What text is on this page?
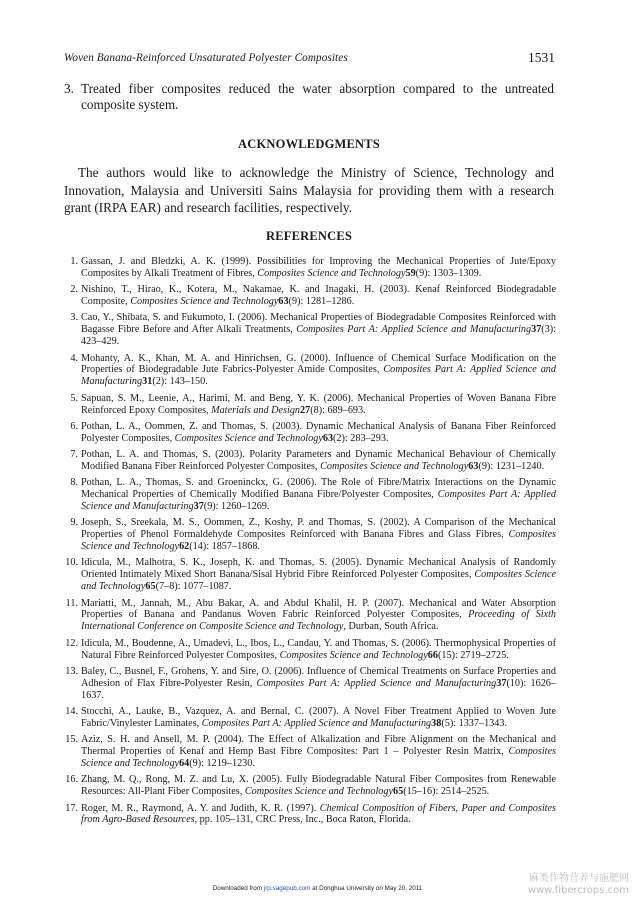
Woven Banana-Reinforced Unsaturated Polyester Composites	1531
3. Treated fiber composites reduced the water absorption compared to the untreated composite system.
ACKNOWLEDGMENTS
The authors would like to acknowledge the Ministry of Science, Technology and Innovation, Malaysia and Universiti Sains Malaysia for providing them with a research grant (IRPA EAR) and research facilities, respectively.
REFERENCES
1. Gassan, J. and Bledzki, A. K. (1999). Possibilities for Improving the Mechanical Properties of Jute/Epoxy Composites by Alkali Treatment of Fibres, Composites Science and Technology59(9): 1303–1309.
2. Nishino, T., Hirao, K., Kotera, M., Nakamae, K. and Inagaki, H. (2003). Kenaf Reinforced Biodegradable Composite, Composites Science and Technology63(9): 1281–1286.
3. Cao, Y., Shibata, S. and Fukumoto, I. (2006). Mechanical Properties of Biodegradable Composites Reinforced with Bagasse Fibre Before and After Alkali Treatments, Composites Part A: Applied Science and Manufacturing37(3): 423–429.
4. Mohanty, A. K., Khan, M. A. and Hinrichsen, G. (2000). Influence of Chemical Surface Modification on the Properties of Biodegradable Jute Fabrics-Polyester Amide Composites, Composites Part A: Applied Science and Manufacturing31(2): 143–150.
5. Sapuan, S. M., Leenie, A., Harimi, M. and Beng, Y. K. (2006). Mechanical Properties of Woven Banana Fibre Reinforced Epoxy Composites, Materials and Design27(8): 689–693.
6. Pothan, L. A., Oommen, Z. and Thomas, S. (2003). Dynamic Mechanical Analysis of Banana Fiber Reinforced Polyester Composites, Composites Science and Technology63(2): 283–293.
7. Pothan, L. A. and Thomas, S. (2003). Polarity Parameters and Dynamic Mechanical Behaviour of Chemically Modified Banana Fiber Reinforced Polyester Composites, Composites Science and Technology63(9): 1231–1240.
8. Pothan, L. A., Thomas, S. and Groeninckx, G. (2006). The Role of Fibre/Matrix Interactions on the Dynamic Mechanical Properties of Chemically Modified Banana Fibre/Polyester Composites, Composites Part A: Applied Science and Manufacturing37(9): 1260–1269.
9. Joseph, S., Sreekala, M. S., Oommen, Z., Koshy, P. and Thomas, S. (2002). A Comparison of the Mechanical Properties of Phenol Formaldehyde Composites Reinforced with Banana Fibres and Glass Fibres, Composites Science and Technology62(14): 1857–1868.
10. Idicula, M., Malhotra, S. K., Joseph, K. and Thomas, S. (2005). Dynamic Mechanical Analysis of Randomly Oriented Intimately Mixed Short Banana/Sisal Hybrid Fibre Reinforced Polyester Composites, Composites Science and Technology65(7–8): 1077–1087.
11. Mariatti, M., Jannah, M., Abu Bakar, A. and Abdul Khalil, H. P. (2007). Mechanical and Water Absorption Properties of Banana and Pandanus Woven Fabric Reinforced Polyester Composites, Proceeding of Sixth International Conference on Composite Science and Technology, Durban, South Africa.
12. Idicula, M., Boudenne, A., Umadevi, L., Ibos, L., Candau, Y. and Thomas, S. (2006). Thermophysical Properties of Natural Fibre Reinforced Polyester Composites, Composites Science and Technology66(15): 2719–2725.
13. Baley, C., Busnel, F., Grohens, Y. and Sire, O. (2006). Influence of Chemical Treatments on Surface Properties and Adhesion of Flax Fibre-Polyester Resin, Composites Part A: Applied Science and Manufacturing37(10): 1626–1637.
14. Stocchi, A., Lauke, B., Vazquez, A. and Bernal, C. (2007). A Novel Fiber Treatment Applied to Woven Jute Fabric/Vinylester Laminates, Composites Part A: Applied Science and Manufacturing38(5): 1337–1343.
15. Aziz, S. H. and Ansell, M. P. (2004). The Effect of Alkalization and Fibre Alignment on the Mechanical and Thermal Properties of Kenaf and Hemp Bast Fibre Composites: Part 1 – Polyester Resin Matrix, Composites Science and Technology64(9): 1219–1230.
16. Zhang, M. Q., Rong, M. Z. and Lu, X. (2005). Fully Biodegradable Natural Fiber Composites from Renewable Resources: All-Plant Fiber Composites, Composites Science and Technology65(15–16): 2514–2525.
17. Roger, M. R., Raymond, A. Y. and Judith, K. R. (1997). Chemical Composition of Fibers, Paper and Composites from Agro-Based Resources, pp. 105–131, CRC Press, Inc., Boca Raton, Florida.
Downloaded from jrp.sagepub.com at Donghua University on May 20, 2011
麻类作物营养与施肥网
www.fibercrops.com
